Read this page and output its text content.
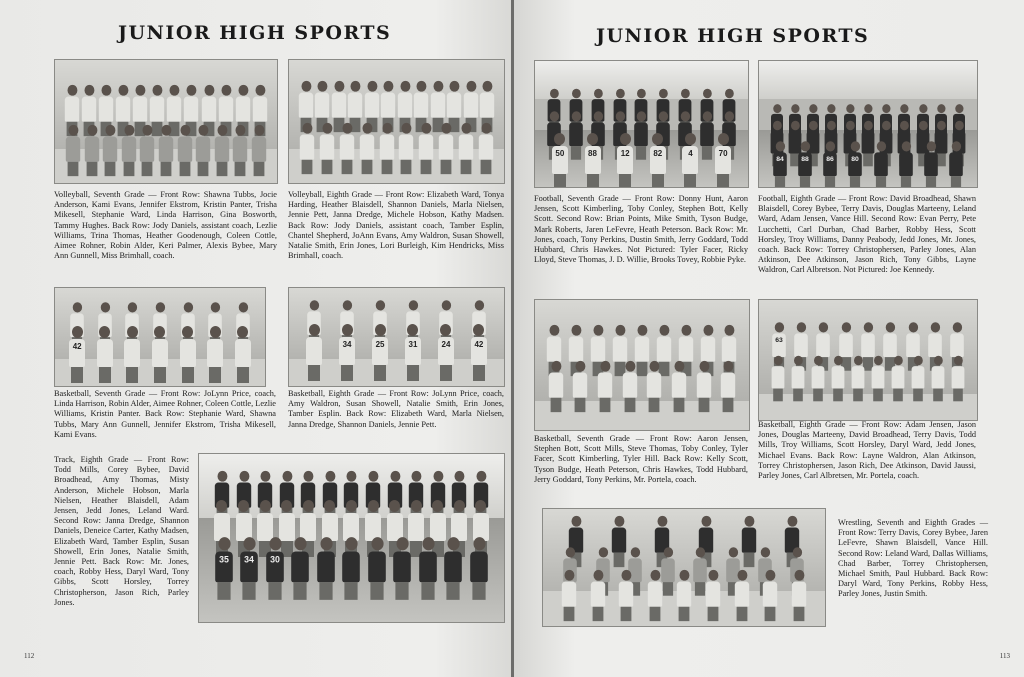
JUNIOR HIGH SPORTS

Volleyball, Seventh Grade — Front Row: Shawna Tubbs, Jocie Anderson, Kami Evans, Jennifer Ekstrom, Kristin Panter, Trisha Mikesell, Stephanie Ward, Linda Harrison, Gina Bosworth, Tammy Hughes. Back Row: Jody Daniels, assistant coach, Lezlie Williams, Trina Thomas, Heather Goodenough, Coleen Cottle, Aimee Rohner, Robin Alder, Keri Palmer, Alexis Bybee, Mary Ann Gunnell, Miss Brimhall, coach.

Volleyball, Eighth Grade — Front Row: Elizabeth Ward, Tonya Harding, Heather Blaisdell, Shannon Daniels, Marla Nielsen, Jennie Pett, Janna Dredge, Michele Hobson, Kathy Madsen. Back Row: Jody Daniels, assistant coach, Tamber Esplin, Chantel Shepherd, JoAnn Evans, Amy Waldron, Susan Showell, Natalie Smith, Erin Jones, Lori Burleigh, Kim Hendricks, Miss Brimhall, coach.

42

Basketball, Seventh Grade — Front Row: JoLynn Price, coach, Linda Harrison, Robin Alder, Aimee Rohner, Coleen Cottle, Lezlie Williams, Kristin Panter. Back Row: Stephanie Ward, Shawna Tubbs, Mary Ann Gunnell, Jennifer Ekstrom, Trisha Mikesell, Kami Evans.

34	25	31	24	42

Basketball, Eighth Grade — Front Row: JoLynn Price, coach, Amy Waldron, Susan Showell, Natalie Smith, Erin Jones, Tamber Esplin. Back Row: Elizabeth Ward, Marla Nielsen, Janna Dredge, Shannon Daniels, Jennie Pett.

Track, Eighth Grade — Front Row: Todd Mills, Corey Bybee, David Broadhead, Amy Thomas, Misty Anderson, Michele Hobson, Marla Nielsen, Heather Blaisdell, Adam Jensen, Jedd Jones, Leland Ward. Second Row: Janna Dredge, Shannon Daniels, Deneice Carter, Kathy Madsen, Elizabeth Ward, Tamber Esplin, Susan Showell, Erin Jones, Natalie Smith, Jennie Pett. Back Row: Mr. Jones, coach, Robby Hess, Daryl Ward, Tony Gibbs, Scott Horsley, Torrey Christopherson, Jason Rich, Parley Jones.

35	34	30
112
JUNIOR HIGH SPORTS
50	88	12	82	4	70

Football, Seventh Grade — Front Row: Donny Hunt, Aaron Jensen, Scott Kimberling, Toby Conley, Stephen Bott, Kelly Scott. Second Row: Brian Points, Mike Smith, Tyson Budge, Mark Roberts, Jaren LeFevre, Heath Peterson. Back Row: Mr. Jones, coach, Tony Perkins, Dustin Smith, Jerry Goddard, Todd Hubbard, Chris Hawkes. Not Pictured: Tyler Facer, Ricky Lloyd, Steve Thomas, J. D. Willie, Brooks Tovey, Robbie Pyke.

84	88	86	80

Football, Eighth Grade — Front Row: David Broadhead, Shawn Blaisdell, Corey Bybee, Terry Davis, Douglas Marteeny, Leland Ward, Adam Jensen, Vance Hill. Second Row: Evan Perry, Pete Lucchetti, Carl Durban, Chad Barber, Robby Hess, Scott Horsley, Troy Williams, Danny Peabody, Jedd Jones, Mr. Jones, coach. Back Row: Torrey Christophersen, Parley Jones, Alan Atkinson, Dee Atkinson, Jason Rich, Tony Gibbs, Layne Waldron, Carl Albretson. Not Pictured: Joe Kennedy.

Basketball, Seventh Grade — Front Row: Aaron Jensen, Stephen Bott, Scott Mills, Steve Thomas, Toby Conley, Tyler Facer, Scott Kimberling, Tyler Hill. Back Row: Kelly Scott, Tyson Budge, Heath Peterson, Chris Hawkes, Todd Hubbard, Jerry Goddard, Tony Perkins, Mr. Portela, coach.

63

Basketball, Eighth Grade — Front Row: Adam Jensen, Jason Jones, Douglas Marteeny, David Broadhead, Terry Davis, Todd Mills, Troy Williams, Scott Horsley, Daryl Ward, Jedd Jones, Michael Evans. Back Row: Layne Waldron, Alan Atkinson, Torrey Christophersen, Jason Rich, Dee Atkinson, David Jaussi, Parley Jones, Carl Albretsen, Mr. Portela, coach.

Wrestling, Seventh and Eighth Grades — Front Row: Terry Davis, Corey Bybee, Jaren LeFevre, Shawn Blaisdell, Vance Hill. Second Row: Leland Ward, Dallas Williams, Chad Barber, Torrey Christophersen, Michael Smith, Paul Hubbard. Back Row: Daryl Ward, Tony Perkins, Robby Hess, Parley Jones, Justin Smith.

113
